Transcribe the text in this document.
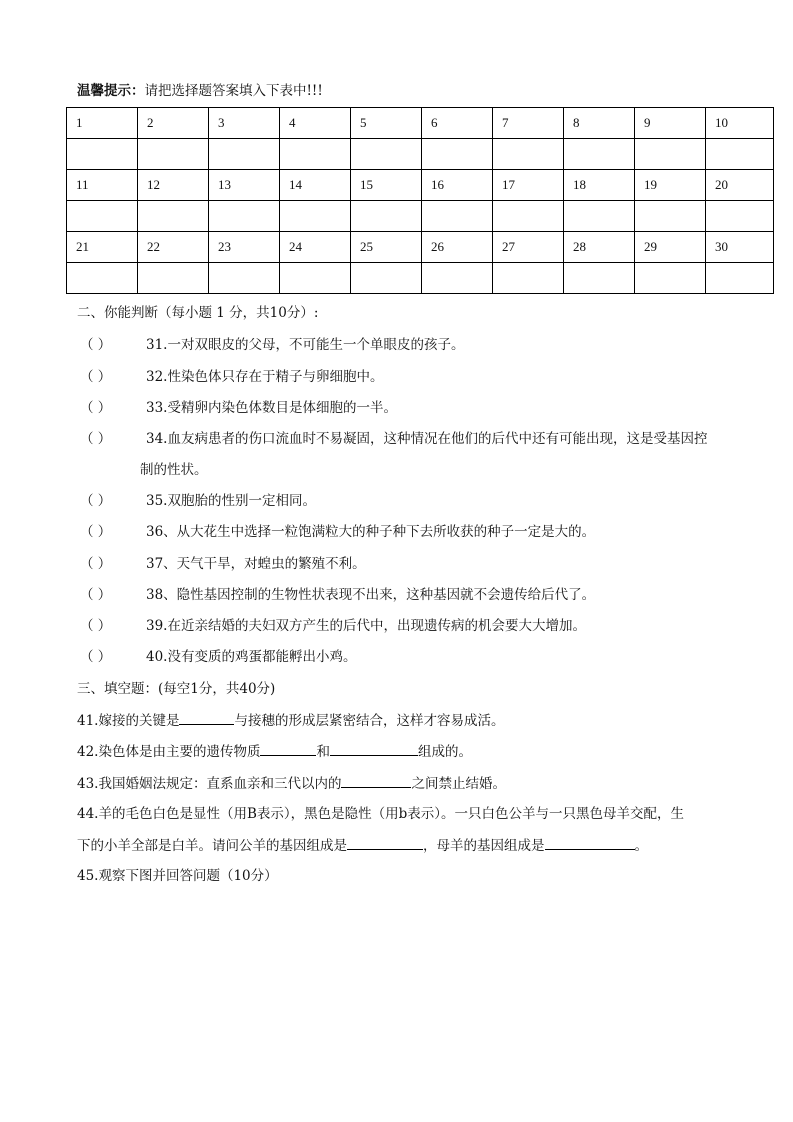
温馨提示：请把选择题答案填入下表中!!!
1	2	3	4	5	6	7	8	9	10

11	12	13	14	15	16	17	18	19	20

21	22	23	24	25	26	27	28	29	30

二、你能判断（每小题 1 分，共10分）:
（ ）	31.一对双眼皮的父母，不可能生一个单眼皮的孩子。
（ ）	32.性染色体只存在于精子与卵细胞中。
（ ）	33.受精卵内染色体数目是体细胞的一半。
（ ）	34.血友病患者的伤口流血时不易凝固，这种情况在他们的后代中还有可能出现，这是受基因控
制的性状。
（ ）	35.双胞胎的性别一定相同。
（ ）	36、从大花生中选择一粒饱满粒大的种子种下去所收获的种子一定是大的。
（ ）	37、天气干旱，对蝗虫的繁殖不利。
（ ）	38、隐性基因控制的生物性状表现不出来，这种基因就不会遗传给后代了。
（ ）	39.在近亲结婚的夫妇双方产生的后代中，出现遗传病的机会要大大增加。
（ ）	40.没有变质的鸡蛋都能孵出小鸡。
三、填空题：(每空1分，共40分)
41.嫁接的关键是	与接穗的形成层紧密结合，这样才容易成活。
42.染色体是由主要的遗传物质	和	组成的。
43.我国婚姻法规定：直系血亲和三代以内的	之间禁止结婚。
44.羊的毛色白色是显性（用B表示），黑色是隐性（用b表示）。一只白色公羊与一只黑色母羊交配，生
下的小羊全部是白羊。请问公羊的基因组成是	，母羊的基因组成是	。
45.观察下图并回答问题（10分）
